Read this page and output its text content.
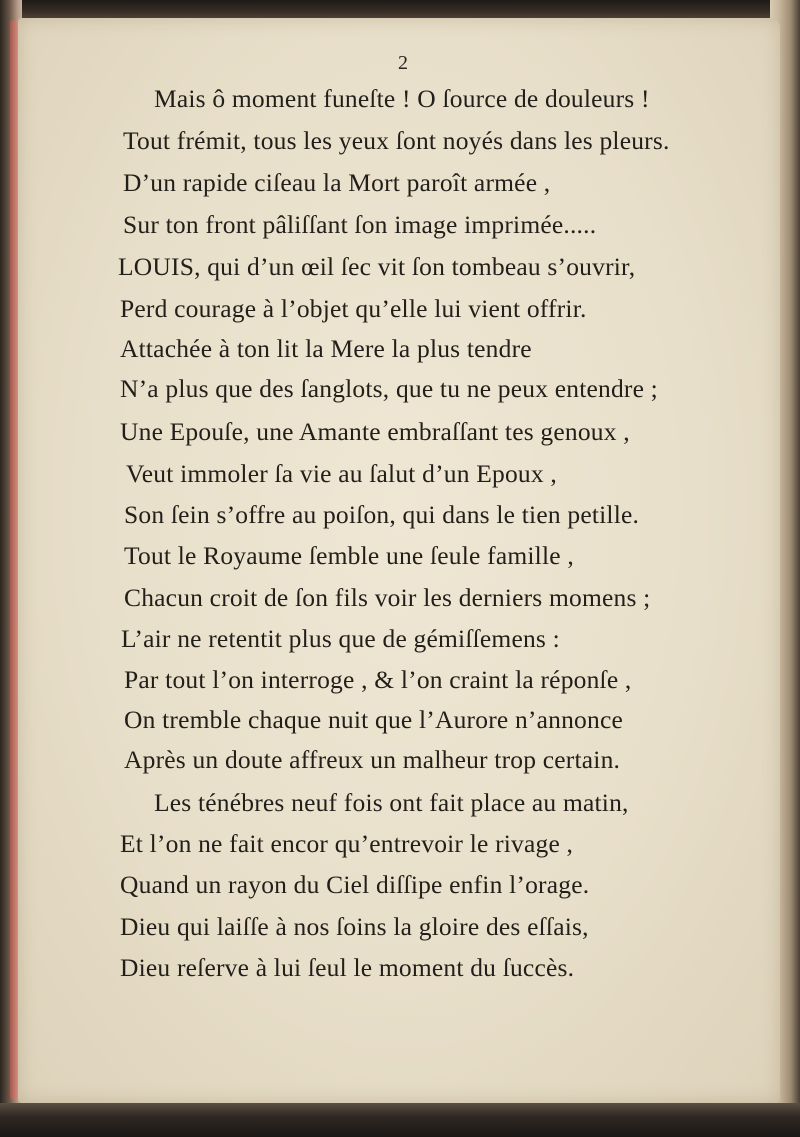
2
Mais ô moment funeſte ! O ſource de douleurs !
Tout frémit, tous les yeux ſont noyés dans les pleurs.
D’un rapide ciſeau la Mort paroît armée ,
Sur ton front pâliſſant ſon image imprimée.....
LOUIS, qui d’un œil ſec vit ſon tombeau s’ouvrir,
Perd courage à l’objet qu’elle lui vient offrir.
Attachée à ton lit la Mere la plus tendre
N’a plus que des ſanglots, que tu ne peux entendre ;
Une Epouſe, une Amante embraſſant tes genoux ,
Veut immoler ſa vie au ſalut d’un Epoux ,
Son ſein s’offre au poiſon, qui dans le tien petille.
Tout le Royaume ſemble une ſeule famille ,
Chacun croit de ſon fils voir les derniers momens ;
L’air ne retentit plus que de gémiſſemens :
Par tout l’on interroge , & l’on craint la réponſe ,
On tremble chaque nuit que l’Aurore n’annonce
Après un doute affreux un malheur trop certain.
Les ténébres neuf fois ont fait place au matin,
Et l’on ne fait encor qu’entrevoir le rivage ,
Quand un rayon du Ciel diſſipe enfin l’orage.
Dieu qui laiſſe à nos ſoins la gloire des eſſais,
Dieu reſerve à lui ſeul le moment du ſuccès.
